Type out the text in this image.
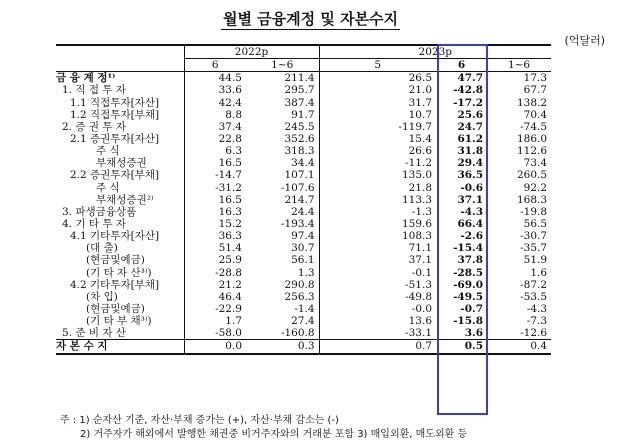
월별 금융계정 및 자본수지
(억달러)
	2022p		2023p		
	6	1~6	5	6	1~6
금 융 계 정¹⁾	44.5	211.4	26.5	47.7	17.3
1. 직 접 투 자	33.6	295.7	21.0	-42.8	67.7
1.1 직접투자[자산]	42.4	387.4	31.7	-17.2	138.2
1.2 직접투자[부채]	8.8	91.7	10.7	25.6	70.4
2. 증 권 투 자	37.4	245.5	-119.7	24.7	-74.5
2.1 증권투자[자산]	22.8	352.6	15.4	61.2	186.0
주 식	6.3	318.3	26.6	31.8	112.6
부채성증권	16.5	34.4	-11.2	29.4	73.4
2.2 증권투자[부채]	-14.7	107.1	135.0	36.5	260.5
주 식	-31.2	-107.6	21.8	-0.6	92.2
부채성증권²⁾	16.5	214.7	113.3	37.1	168.3
3. 파생금융상품	16.3	24.4	-1.3	-4.3	-19.8
4. 기 타 투 자	15.2	-193.4	159.6	66.4	56.5
4.1 기타투자[자산]	36.3	97.4	108.3	-2.6	-30.7
(대 출)	51.4	30.7	71.1	-15.4	-35.7
(현금및예금)	25.9	56.1	37.1	37.8	51.9
(기 타 자 산³⁾)	-28.8	1.3	-0.1	-28.5	1.6
4.2 기타투자[부채]	21.2	290.8	-51.3	-69.0	-87.2
(차 입)	46.4	256.3	-49.8	-49.5	-53.5
(현금및예금)	-22.9	-1.4	-0.0	-0.7	-4.3
(기 타 부 채³⁾)	1.7	27.4	13.6	-15.8	-7.3
5. 준 비 자 산	-58.0	-160.8	-33.1	3.6	-12.6
자 본 수 지	0.0	0.3	0.7	0.5	0.4
주 : 1) 순자산 기준, 자산·부채 증가는 (+), 자산·부채 감소는 (-)
2) 거주자가 해외에서 발행한 채권중 비거주자와의 거래분 포함 3) 매입외환, 매도외환 등
